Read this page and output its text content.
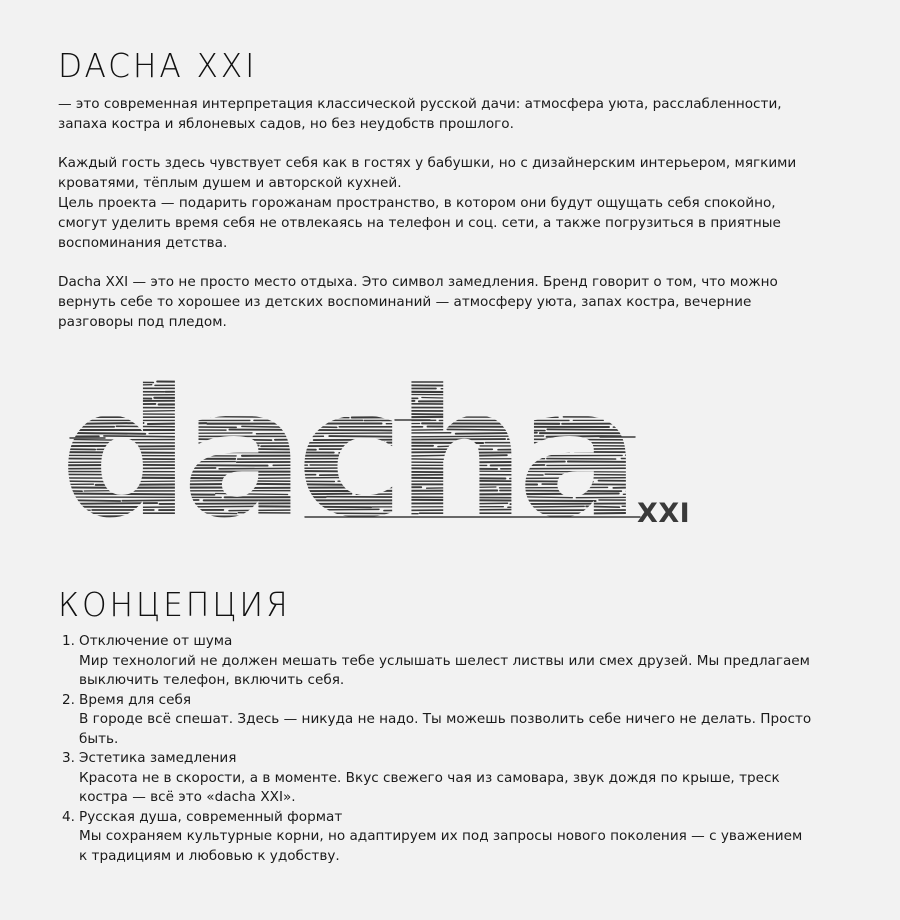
DACHA XXI

— это современная интерпретация классической русской дачи: атмосфера уюта, расслабленности,

запаха костра и яблоневых садов, но без неудобств прошлого.

Каждый гость здесь чувствует себя как в гостях у бабушки, но с дизайнерским интерьером, мягкими

кроватями, тёплым душем и авторской кухней.

Цель проекта — подарить горожанам пространство, в котором они будут ощущать себя спокойно,

смогут уделить время себя не отвлекаясь на телефон и соц. сети, а также погрузиться в приятные

воспоминания детства.

Dacha XXI — это не просто место отдыха. Это символ замедления. Бренд говорит о том, что можно

вернуть себе то хорошее из детских воспоминаний — атмосферу уюта, запах костра, вечерние

разговоры под пледом.

XXI
КОНЦЕПЦИЯ
1. Отключение от шума
Мир технологий не должен мешать тебе услышать шелест листвы или смех друзей. Мы предлагаем
выключить телефон, включить себя.
2. Время для себя
В городе всё спешат. Здесь — никуда не надо. Ты можешь позволить себе ничего не делать. Просто
быть.
3. Эстетика замедления
Красота не в скорости, а в моменте. Вкус свежего чая из самовара, звук дождя по крыше, треск
костра — всё это «dacha XXI».
4. Русская душа, современный формат
Мы сохраняем культурные корни, но адаптируем их под запросы нового поколения — с уважением
к традициям и любовью к удобству.
